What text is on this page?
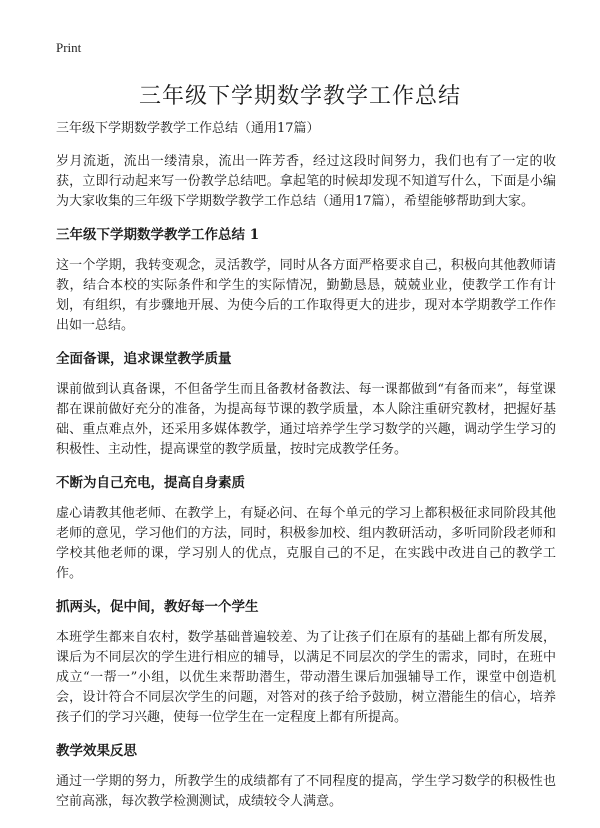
Print
三年级下学期数学教学工作总结
三年级下学期数学教学工作总结（通用17篇）

岁月流逝，流出一缕清泉，流出一阵芳香，经过这段时间努力，我们也有了一定的收获，立即行动起来写一份教学总结吧。拿起笔的时候却发现不知道写什么，下面是小编为大家收集的三年级下学期数学教学工作总结（通用17篇），希望能够帮助到大家。

三年级下学期数学教学工作总结 1

这一个学期，我转变观念，灵活教学，同时从各方面严格要求自己，积极向其他教师请教，结合本校的实际条件和学生的实际情况，勤勤恳恳，兢兢业业，使教学工作有计划，有组织，有步骤地开展、为使今后的工作取得更大的进步，现对本学期教学工作作出如一总结。

全面备课，追求课堂教学质量

课前做到认真备课，不但备学生而且备教材备教法、每一课都做到“有备而来”，每堂课都在课前做好充分的准备，为提高每节课的教学质量，本人除注重研究教材，把握好基础、重点难点外，还采用多媒体教学，通过培养学生学习数学的兴趣，调动学生学习的积极性、主动性，提高课堂的教学质量，按时完成教学任务。

不断为自己充电，提高自身素质

虚心请教其他老师、在教学上，有疑必问、在每个单元的学习上都积极征求同阶段其他老师的意见，学习他们的方法，同时，积极参加校、组内教研活动，多听同阶段老师和学校其他老师的课，学习别人的优点，克服自己的不足，在实践中改进自己的教学工作。

抓两头，促中间，教好每一个学生

本班学生都来自农村，数学基础普遍较差、为了让孩子们在原有的基础上都有所发展，课后为不同层次的学生进行相应的辅导，以满足不同层次的学生的需求，同时，在班中成立“一帮一”小组，以优生来帮助潜生，带动潜生课后加强辅导工作，课堂中创造机会，设计符合不同层次学生的问题，对答对的孩子给予鼓励，树立潜能生的信心，培养孩子们的学习兴趣，使每一位学生在一定程度上都有所提高。

教学效果反思

通过一学期的努力，所教学生的成绩都有了不同程度的提高，学生学习数学的积极性也空前高涨，每次教学检测测试，成绩较令人满意。
